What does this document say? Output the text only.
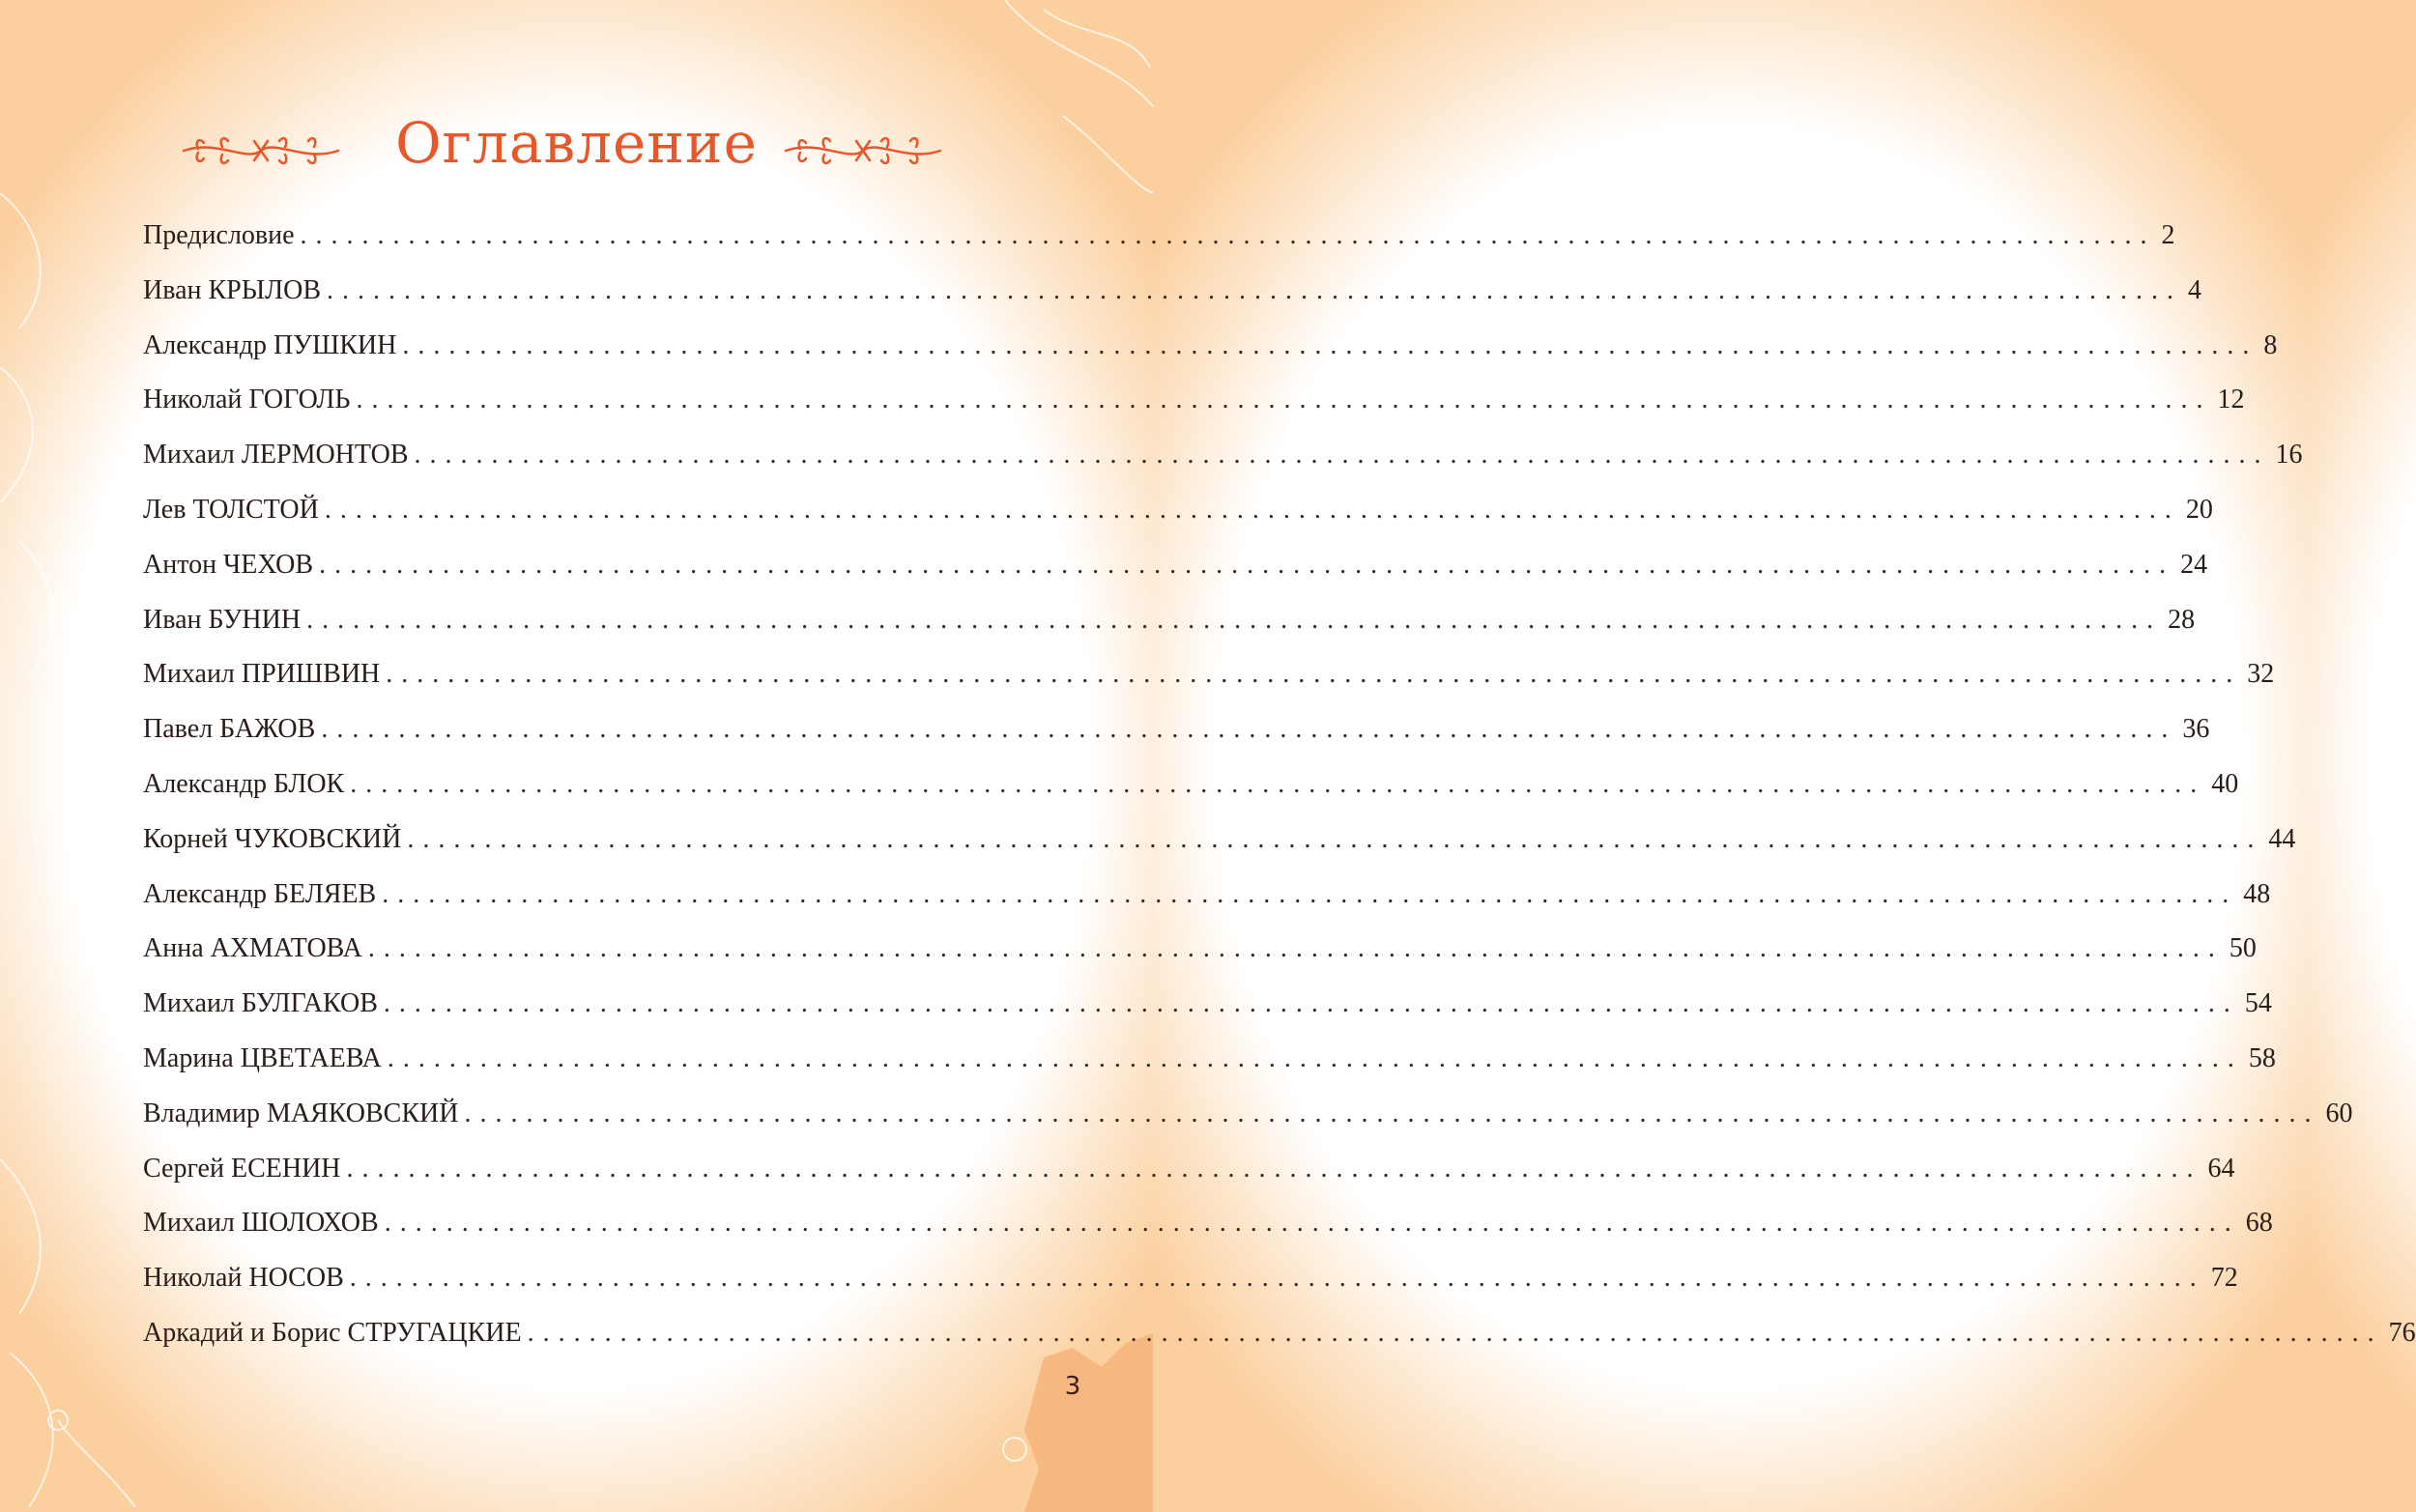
Оглавление
Предисловие ........................................................................................................................ 2
Иван КРЫЛОВ ........................................................................................................................ 4
Александр ПУШКИН ........................................................................................................................ 8
Николай ГОГОЛЬ ........................................................................................................................ 12
Михаил ЛЕРМОНТОВ ........................................................................................................................ 16
Лев ТОЛСТОЙ ........................................................................................................................ 20
Антон ЧЕХОВ ........................................................................................................................ 24
Иван БУНИН ........................................................................................................................ 28
Михаил ПРИШВИН ........................................................................................................................ 32
Павел БАЖОВ ........................................................................................................................ 36
Александр БЛОК ........................................................................................................................ 40
Корней ЧУКОВСКИЙ ........................................................................................................................ 44
Александр БЕЛЯЕВ ........................................................................................................................ 48
Анна АХМАТОВА ........................................................................................................................ 50
Михаил БУЛГАКОВ ........................................................................................................................ 54
Марина ЦВЕТАЕВА ........................................................................................................................ 58
Владимир МАЯКОВСКИЙ ........................................................................................................................ 60
Сергей ЕСЕНИН ........................................................................................................................ 64
Михаил ШОЛОХОВ ........................................................................................................................ 68
Николай НОСОВ ........................................................................................................................ 72
Аркадий и Борис СТРУГАЦКИЕ ........................................................................................................................ 76
3
